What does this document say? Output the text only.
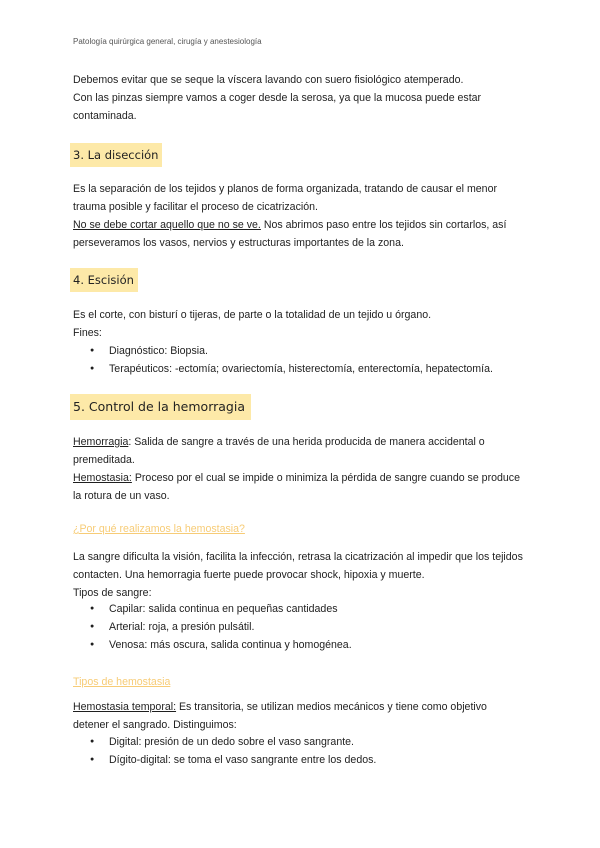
Patología quirúrgica general, cirugía y anestesiología

Debemos evitar que se seque la víscera lavando con suero fisiológico atemperado.
Con las pinzas siempre vamos a coger desde la serosa, ya que la mucosa puede estar contaminada.

3. La disección

Es la separación de los tejidos y planos de forma organizada, tratando de causar el menor trauma posible y facilitar el proceso de cicatrización.
No se debe cortar aquello que no se ve. Nos abrimos paso entre los tejidos sin cortarlos, así perseveramos los vasos, nervios y estructuras importantes de la zona.

4. Escisión

Es el corte, con bisturí o tijeras, de parte o la totalidad de un tejido u órgano.
Fines:

● Diagnóstico: Biopsia.
● Terapéuticos: -ectomía; ovariectomía, histerectomía, enterectomía, hepatectomía.
5. Control de la hemorragia

Hemorragia: Salida de sangre a través de una herida producida de manera accidental o premeditada.
Hemostasia: Proceso por el cual se impide o minimiza la pérdida de sangre cuando se produce la rotura de un vaso.

¿Por qué realizamos la hemostasia?

La sangre dificulta la visión, facilita la infección, retrasa la cicatrización al impedir que los tejidos contacten. Una hemorragia fuerte puede provocar shock, hipoxia y muerte.
Tipos de sangre:

● Capilar: salida continua en pequeñas cantidades
● Arterial: roja, a presión pulsátil.
● Venosa: más oscura, salida continua y homogénea.
Tipos de hemostasia

Hemostasia temporal: Es transitoria, se utilizan medios mecánicos y tiene como objetivo detener el sangrado. Distinguimos:

● Digital: presión de un dedo sobre el vaso sangrante.
● Dígito-digital: se toma el vaso sangrante entre los dedos.
